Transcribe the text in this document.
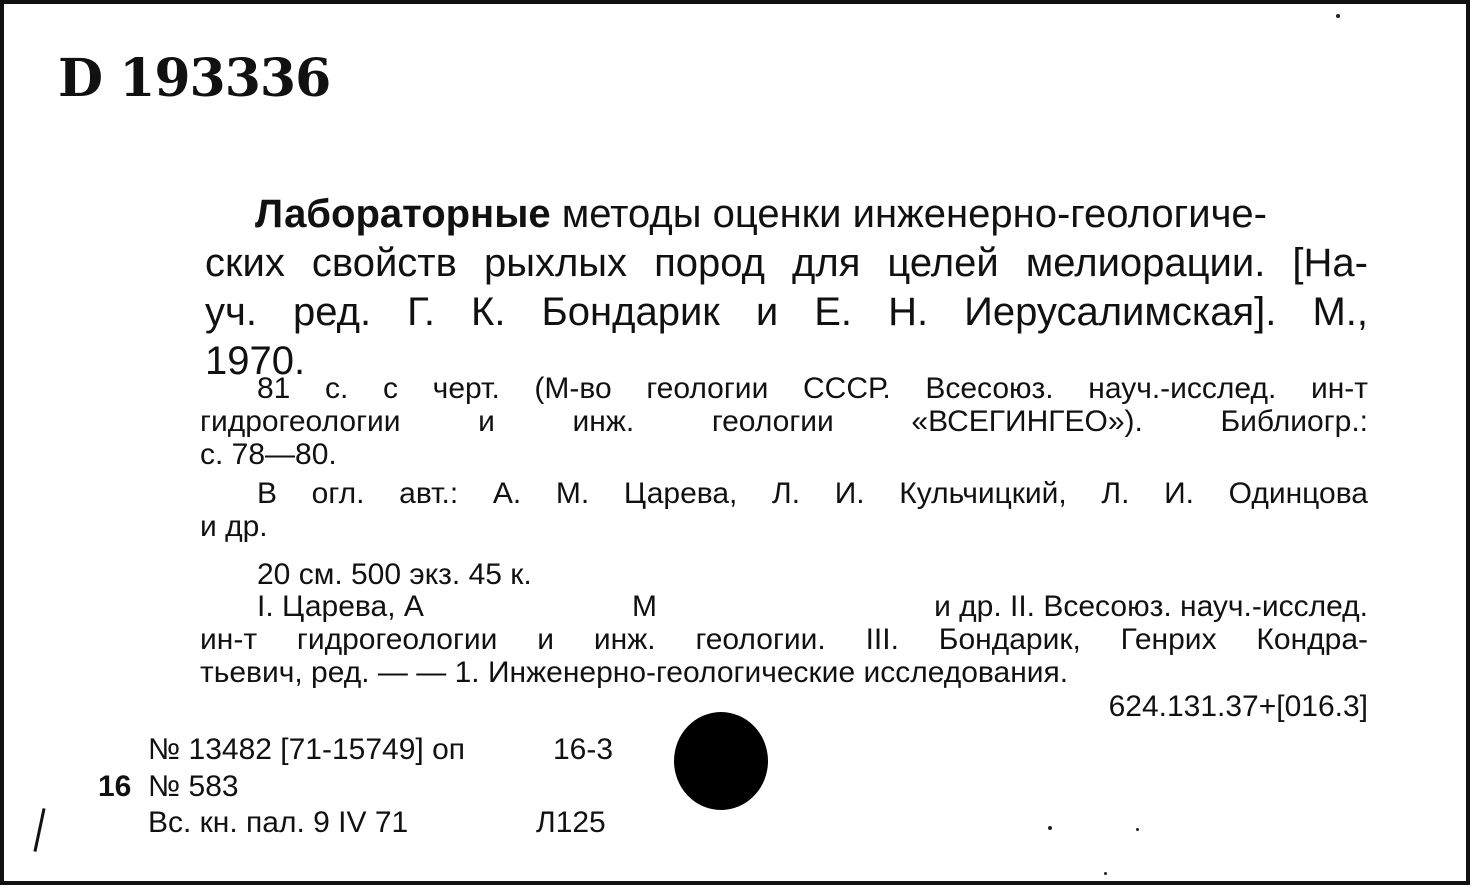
D 193336
Лабораторные методы оценки инженерно-геологиче-
ских свойств рыхлых пород для целей мелиорации. [На-
уч. ред. Г. К. Бондарик и Е. Н. Иерусалимская]. М.,
1970.
81 с. с черт. (М-во геологии СССР. Всесоюз. науч.-исслед. ин-т
гидрогеологии и инж. геологии «ВСЕГИНГЕО»). Библиогр.:
с. 78—80.
В огл. авт.: А. М. Царева, Л. И. Кульчицкий, Л. И. Одинцова
и др.
20 см. 500 экз. 45 к.
I. Царева, А	М	и др. II. Всесоюз. науч.-исслед.
ин-т гидрогеологии и инж. геологии. III. Бондарик, Генрих Кондра-
тьевич, ред. — — 1. Инженерно-геологические исследования.
624.131.37+[016.3]
№ 13482 [71-15749] оп	16-3
16 № 583
Вс. кн. пал. 9 IV 71	Л125
